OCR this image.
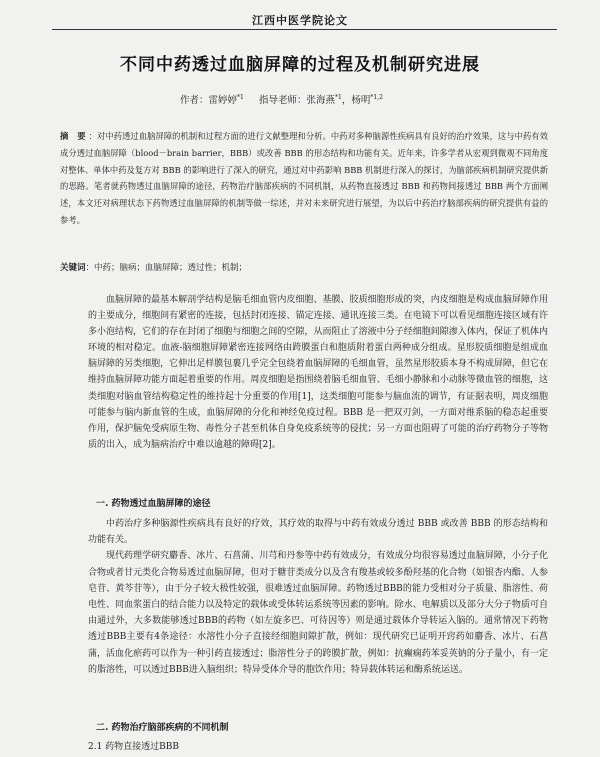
江西中医学院论文
不同中药透过血脑屏障的过程及机制研究进展
作者：雷婷婷$^{*1}$ 指导老师：张海燕$^{*1}$，杨明$^{*1,2}$
摘 要：对中药透过血脑屏障的机制和过程方面的进行文献整理和分析。中药对多种脑源性疾病具有良好的治疗效果，这与中药有效成分透过血脑屏障（blood－brain barrier，BBB）或改善 BBB 的形态结构和功能有关。近年来，许多学者从宏观到微观不同角度对整体、单体中药及复方对 BBB 的影响进行了深入的研究，通过对中药影响 BBB 机制进行深入的探讨，为脑部疾病机制研究提供新的思路。笔者就药物透过血脑屏障的途径，药物治疗脑部疾病的不同机制，从药物直接透过 BBB 和药物间接透过 BBB 两个方面阐述，本文还对病理状态下药物透过血脑屏障的机制等做一综述，并对未来研究进行展望，为以后中药治疗脑部疾病的研究提供有益的参考。
关键词：中药；脑病；血脑屏障；透过性；机制；

血脑屏障的最基本解剖学结构是脑毛细血管内皮细胞、基膜、胶质细胞形成的突，内皮细胞是构成血脑屏障作用的主要成分，细胞间有紧密的连接，包括封闭连接、锚定连接、通讯连接三类。在电镜下可以看见细胞连接区域有许多小泡结构，它们的存在封闭了细胞与细胞之间的空隙，从而阻止了溶液中分子经细胞间隙渗入体内，保证了机体内环境的相对稳定。血液-脑细胞屏障紧密连接网络由跨膜蛋白和胞质附着蛋白两种成分组成。星形胶质细胞是组成血脑屏障的另类细胞，它伸出足样膜包裹几乎完全包绕着血脑屏障的毛细血管，虽然星形胶质本身不构成屏障，但它在维持血脑屏障功能方面起着重要的作用。周皮细胞是指围绕着脑毛细血管、毛细小静脉和小动脉等微血管的细胞，这类细胞对脑血管结构稳定性的维持起十分重要的作用[1]，这类细胞可能参与脑血流的调节，有证据表明，周皮细胞可能参与脑内新血管的生成，血脑屏障的分化和神经免疫过程。BBB 是一把双刃剑，一方面对维系脑的稳态起重要作用，保护脑免受病原生物、毒性分子甚至机体自身免疫系统等的侵扰；另一方面也阻碍了可能的治疗药物分子等物质的出入，成为脑病治疗中难以逾越的障碍[2]。

一. 药物透过血脑屏障的途径

中药治疗多种脑源性疾病具有良好的疗效，其疗效的取得与中药有效成分透过 BBB 或改善 BBB 的形态结构和功能有关。

现代药理学研究麝香、冰片、石菖蒲、川芎和丹参等中药有效成分，有效成分均很容易透过血脑屏障，小分子化合物或者甘元类化合物易透过血脑屏障，但对于糖苷类成分以及含有羧基或较多酚羟基的化合物（如银杏内酯、人参皂苷、黄芩苷等），由于分子较大极性较强，很难透过血脑屏障。药物透过BBB的能力受相对分子质量、脂溶性、荷电性、同血浆蛋白的结合能力以及特定的载体或受体转运系统等因素的影响。除水、电解质以及部分大分子物质可自由通过外，大多数能够透过BBB的药物（如左旋多巴、可待因等）则是通过载体介导转运入脑的。通常情况下药物透过BBB主要有4条途径：水溶性小分子直接经细胞间隙扩散，例如：现代研究已证明开窍药如麝香、冰片、石菖蒲，活血化瘀药可以作为一种引药直接透过；脂溶性分子的跨膜扩散，例如：抗癫痫药苯妥英钠的分子量小，有一定的脂溶性，可以透过BBB进入脑组织；特异受体介导的胞饮作用；特异载体转运和酶系统运送。

二. 药物治疗脑部疾病的不同机制
2.1 药物直接透过BBB
